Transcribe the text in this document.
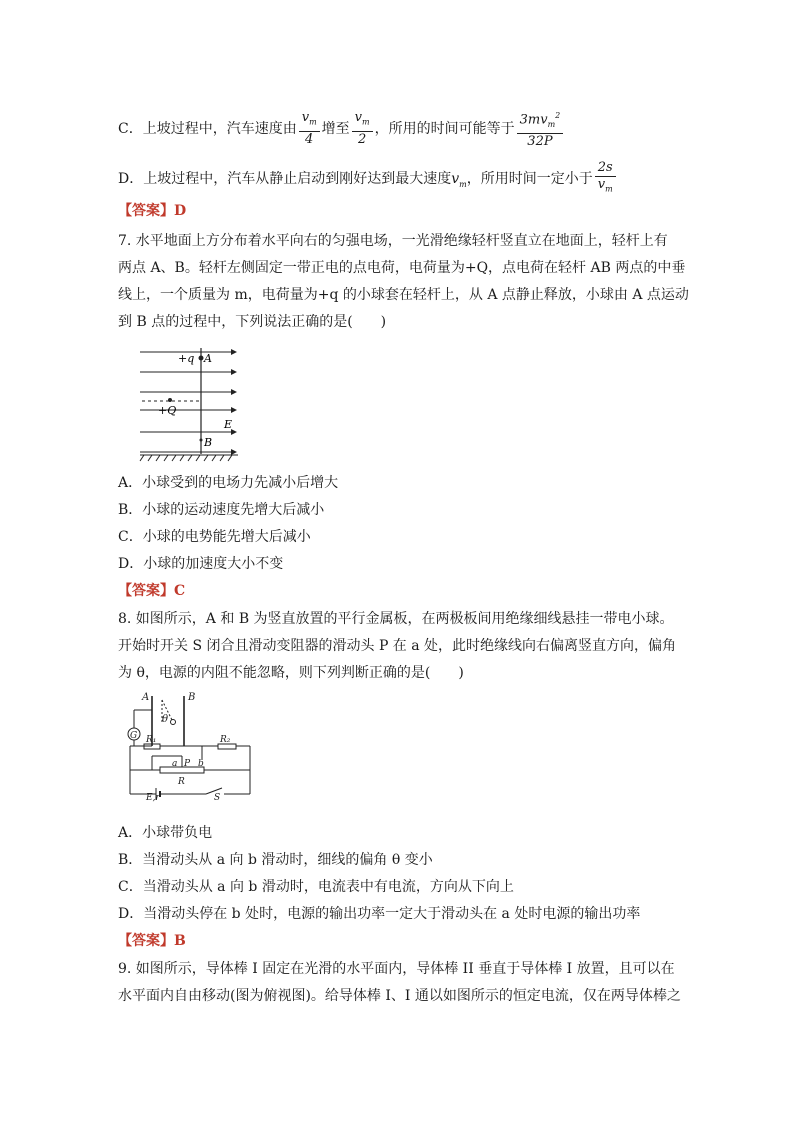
C．上坡过程中，汽车速度由 $\frac{v_m}{4}$ 增至 $\frac{v_m}{2}$ ，所用的时间可能等于 $\frac{3mv_m^2}{32P}$
D．上坡过程中，汽车从静止启动到刚好达到最大速度$v_m$，所用时间一定小于 $\frac{2s}{v_m}$
【答案】D
7. 水平地面上方分布着水平向右的匀强电场，一光滑绝缘轻杆竖直立在地面上，轻杆上有
两点 A、B。轻杆左侧固定一带正电的点电荷，电荷量为+Q，点电荷在轻杆 AB 两点的中垂
线上，一个质量为 m，电荷量为+q 的小球套在轻杆上，从 A 点静止释放，小球由 A 点运动
到 B 点的过程中，下列说法正确的是(　　)
+q A
+Q
E
B
A．小球受到的电场力先减小后增大
B．小球的运动速度先增大后减小
C．小球的电势能先增大后减小
D．小球的加速度大小不变
【答案】C
8. 如图所示，A 和 B 为竖直放置的平行金属板，在两极板间用绝缘细线悬挂一带电小球。
开始时开关 S 闭合且滑动变阻器的滑动头 P 在 a 处，此时绝缘线向右偏离竖直方向，偏角
为 θ，电源的内阻不能忽略，则下列判断正确的是(　　)
A	B
θ
G R₁	R₂
a P b
R
E,r	S
A．小球带负电
B．当滑动头从 a 向 b 滑动时，细线的偏角 θ 变小
C．当滑动头从 a 向 b 滑动时，电流表中有电流，方向从下向上
D．当滑动头停在 b 处时，电源的输出功率一定大于滑动头在 a 处时电源的输出功率
【答案】B
9. 如图所示，导体棒 I 固定在光滑的水平面内，导体棒 II 垂直于导体棒 I 放置，且可以在
水平面内自由移动(图为俯视图)。给导体棒 I、I 通以如图所示的恒定电流，仅在两导体棒之
